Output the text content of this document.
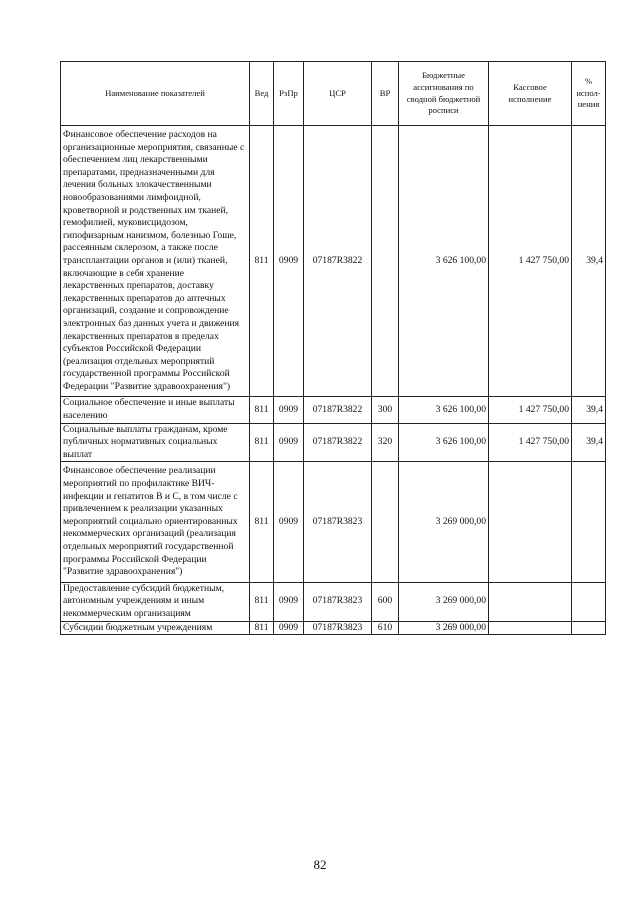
Наименование показателей	Вед	РзПр	ЦСР	ВР	Бюджетные ассигнования по сводной бюджетной росписи	Кассовое исполнение	% испол-нения
Финансовое обеспечение расходов на организационные мероприятия, связанные с обеспечением лиц лекарственными препаратами, предназначенными для лечения больных злокачественными новообразованиями лимфоидной, кроветворной и родственных им тканей, гемофилией, муковисцидозом, гипофизарным нанизмом, болезнью Гоше, рассеянным склерозом, а также после трансплантации органов и (или) тканей, включающие в себя хранение лекарственных препаратов, доставку лекарственных препаратов до аптечных организаций, создание и сопровождение электронных баз данных учета и движения лекарственных препаратов в пределах субъектов Российской Федерации (реализация отдельных мероприятий государственной программы Российской Федерации "Развитие здравоохранения")	811	0909	07187R3822		3 626 100,00	1 427 750,00	39,4
Социальное обеспечение и иные выплаты населению	811	0909	07187R3822	300	3 626 100,00	1 427 750,00	39,4
Социальные выплаты гражданам, кроме публичных нормативных социальных выплат	811	0909	07187R3822	320	3 626 100,00	1 427 750,00	39,4
Финансовое обеспечение реализации мероприятий по профилактике ВИЧ-инфекции и гепатитов B и C, в том числе с привлечением к реализации указанных мероприятий социально ориентированных некоммерческих организаций (реализация отдельных мероприятий государственной программы Российской Федерации "Развитие здравоохранения")	811	0909	07187R3823		3 269 000,00		
Предоставление субсидий бюджетным, автономным учреждениям и иным некоммерческим организациям	811	0909	07187R3823	600	3 269 000,00		
Субсидии бюджетным учреждениям	811	0909	07187R3823	610	3 269 000,00		
82
